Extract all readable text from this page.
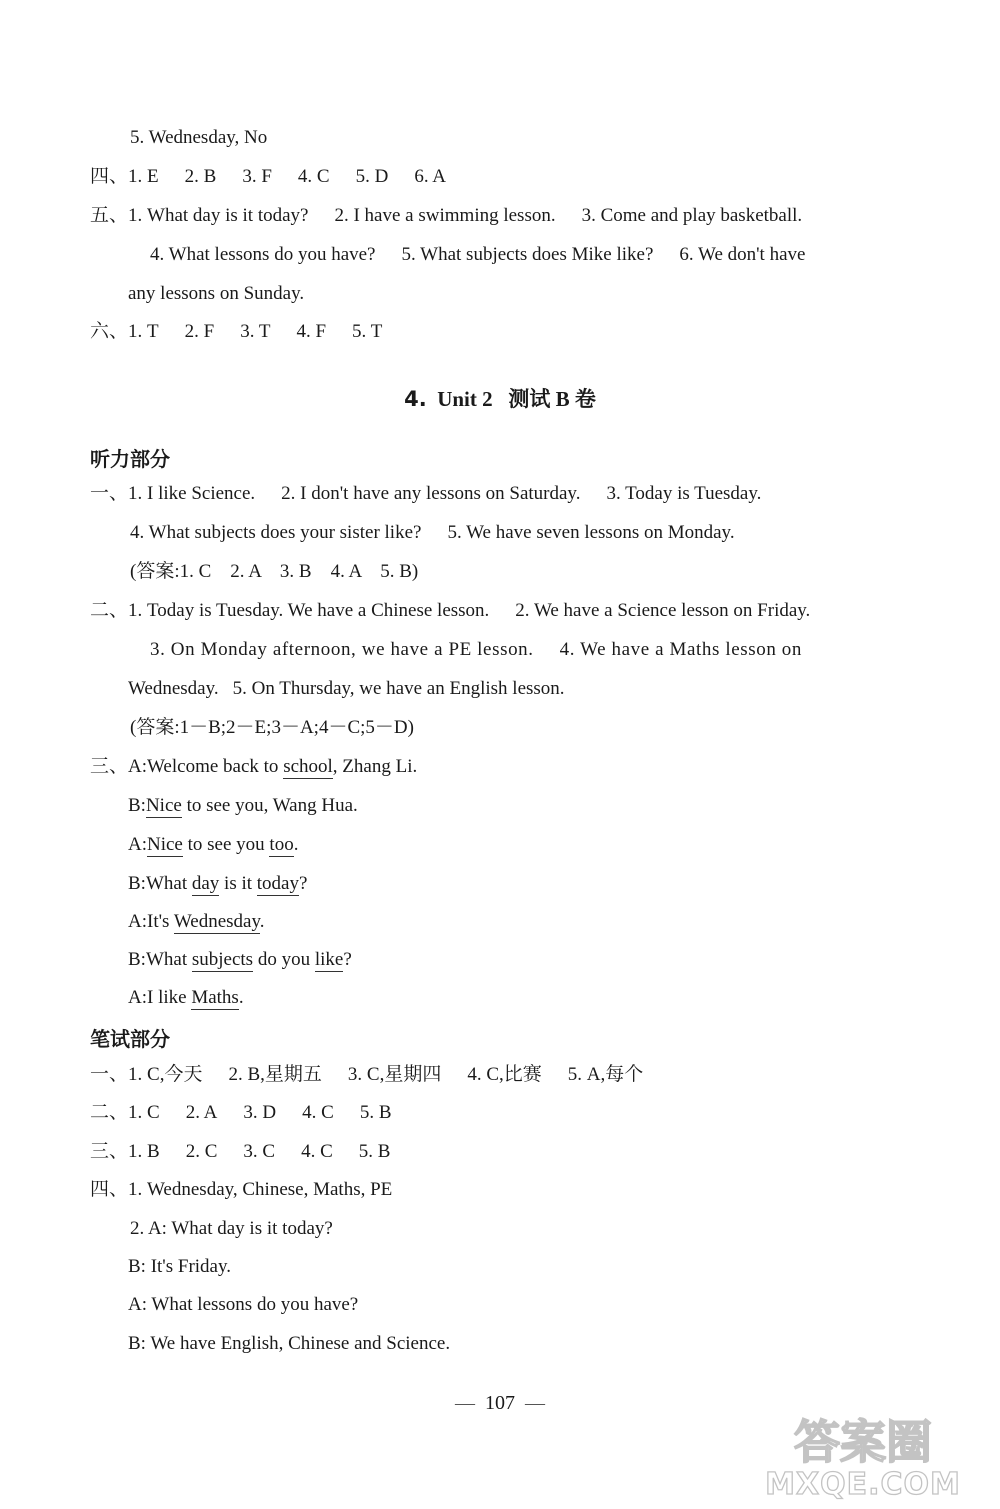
5. Wednesday, No
四、1. E 2. B 3. F 4. C 5. D 6. A
五、1. What day is it today? 2. I have a swimming lesson. 3. Come and play basketball.
4. What lessons do you have? 5. What subjects does Mike like? 6. We don't have
any lessons on Sunday.
六、1. T 2. F 3. T 4. F 5. T
4. Unit 2 测试 B 卷
听力部分
一、1. I like Science. 2. I don't have any lessons on Saturday. 3. Today is Tuesday.
4. What subjects does your sister like? 5. We have seven lessons on Monday.
(答案:1. C　2. A　3. B　4. A　5. B)
二、1. Today is Tuesday. We have a Chinese lesson. 2. We have a Science lesson on Friday.
3. On Monday afternoon, we have a PE lesson. 4. We have a Maths lesson on
Wednesday. 5. On Thursday, we have an English lesson.
(答案:1－B;2－E;3－A;4－C;5－D)
三、A:Welcome back to school, Zhang Li.
B:Nice to see you, Wang Hua.
A:Nice to see you too.
B:What day is it today?
A:It's Wednesday.
B:What subjects do you like?
A:I like Maths.
笔试部分
一、1. C,今天 2. B,星期五 3. C,星期四 4. C,比赛 5. A,每个
二、1. C 2. A 3. D 4. C 5. B
三、1. B 2. C 3. C 4. C 5. B
四、1. Wednesday, Chinese, Maths, PE
2. A: What day is it today?
B: It's Friday.
A: What lessons do you have?
B: We have English, Chinese and Science.
— 107 —
答案圈
MXQE.COM
